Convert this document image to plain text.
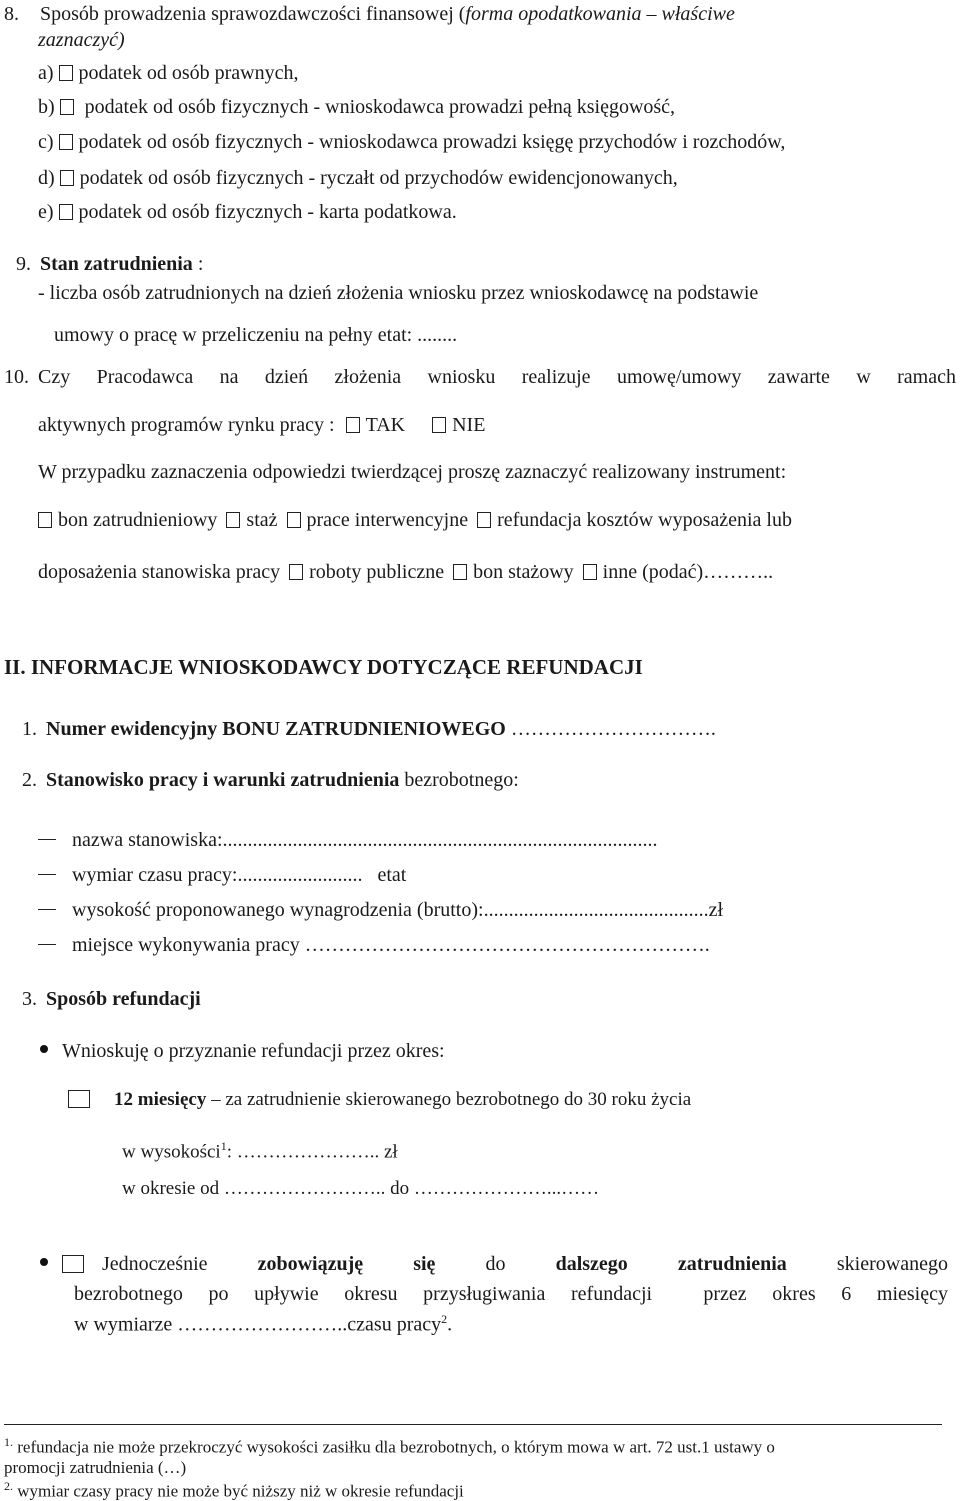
8. Sposób prowadzenia sprawozdawczości finansowej (forma opodatkowania – właściwe
zaznaczyć)
a) podatek od osób prawnych,
b) podatek od osób fizycznych - wnioskodawca prowadzi pełną księgowość,
c) podatek od osób fizycznych - wnioskodawca prowadzi księgę przychodów i rozchodów,
d) podatek od osób fizycznych - ryczałt od przychodów ewidencjonowanych,
e) podatek od osób fizycznych - karta podatkowa.
9. Stan zatrudnienia :
- liczba osób zatrudnionych na dzień złożenia wniosku przez wnioskodawcę na podstawie
umowy o pracę w przeliczeniu na pełny etat: ........
10. Czy Pracodawca na dzień złożenia wniosku realizuje umowę/umowy zawarte w ramach
aktywnych programów rynku pracy : TAK NIE
W przypadku zaznaczenia odpowiedzi twierdzącej proszę zaznaczyć realizowany instrument:
bon zatrudnieniowy staż prace interwencyjne refundacja kosztów wyposażenia lub
doposażenia stanowiska pracy roboty publiczne bon stażowy inne (podać)………..
II. INFORMACJE WNIOSKODAWCY DOTYCZĄCE REFUNDACJI
1. Numer ewidencyjny BONU ZATRUDNIENIOWEGO ………………………….
2. Stanowisko pracy i warunki zatrudnienia bezrobotnego:
nazwa stanowiska:.......................................................................................
wymiar czasu pracy:.........................   etat
wysokość proponowanego wynagrodzenia (brutto):.............................................zł
miejsce wykonywania pracy …………………………………………………….
3. Sposób refundacji
Wnioskuję o przyznanie refundacji przez okres:
12 miesięcy – za zatrudnienie skierowanego bezrobotnego do 30 roku życia
w wysokości$^1$: ………………….. zł
w okresie od …………………….. do …………………...……
Jednocześnie	zobowiązuję	się	do	dalszego	zatrudnienia	skierowanego
bezrobotnego po upływie okresu przysługiwania refundacji  przez okres 6 miesięcy
w wymiarze ……………………..czasu pracy$^2$.
$^{1.}$ refundacja nie może przekroczyć wysokości zasiłku dla bezrobotnych, o którym mowa w art. 72 ust.1 ustawy o
promocji zatrudnienia (…)
$^{2.}$ wymiar czasy pracy nie może być niższy niż w okresie refundacji
